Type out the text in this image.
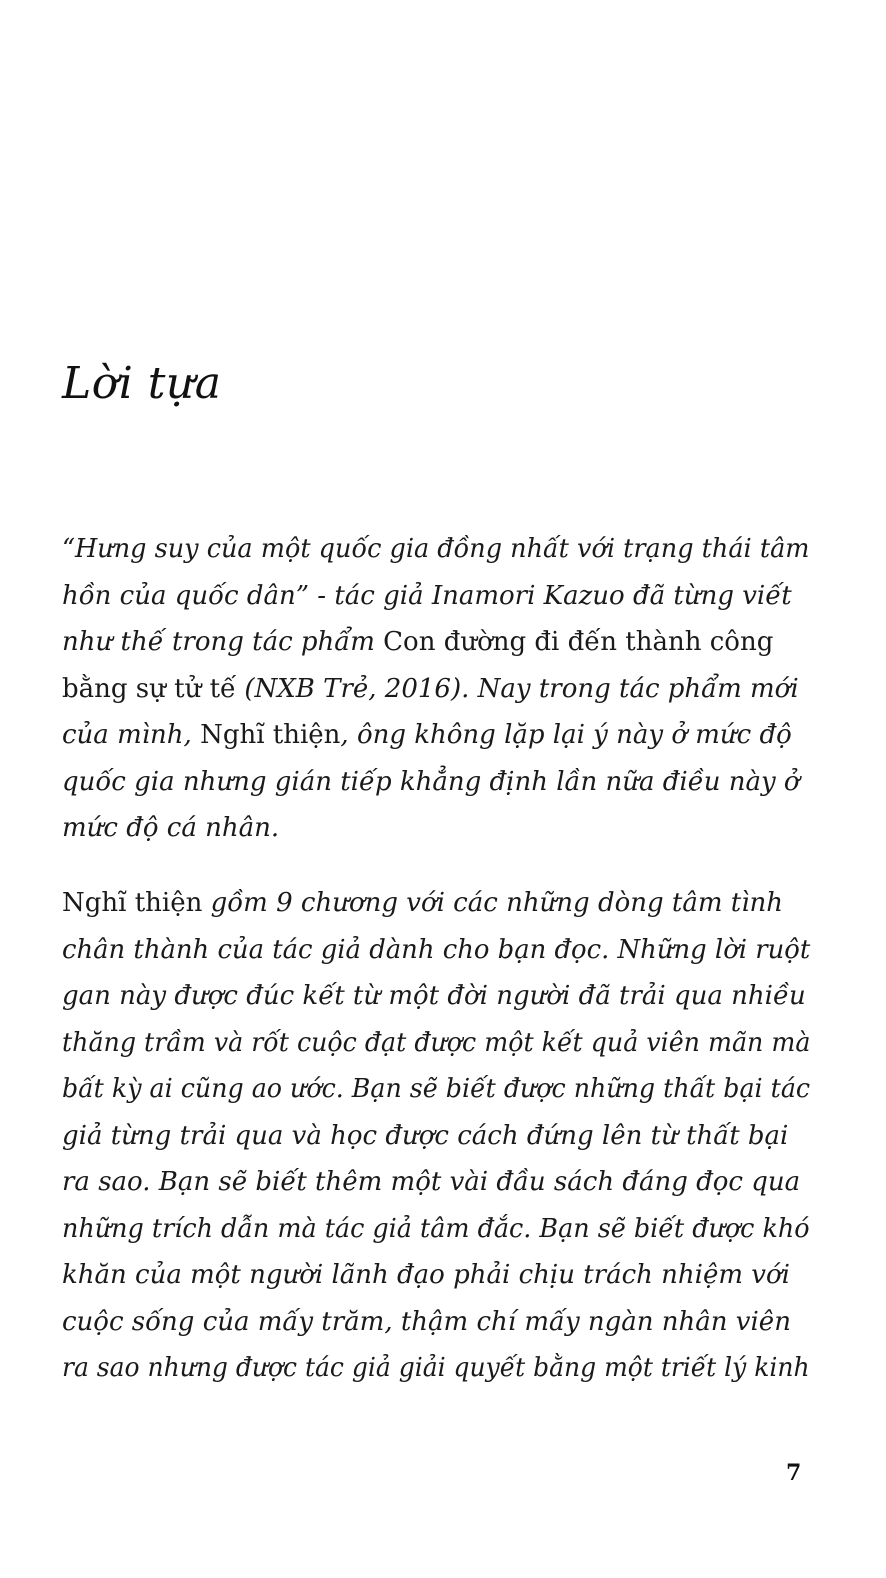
Lời tựa

“Hưng suy của một quốc gia đồng nhất với trạng thái tâm
hồn của quốc dân” - tác giả Inamori Kazuo đã từng viết
như thế trong tác phẩm Con đường đi đến thành công
bằng sự tử tế (NXB Trẻ, 2016). Nay trong tác phẩm mới
của mình, Nghĩ thiện, ông không lặp lại ý này ở mức độ
quốc gia nhưng gián tiếp khẳng định lần nữa điều này ở
mức độ cá nhân.

Nghĩ thiện gồm 9 chương với các những dòng tâm tình
chân thành của tác giả dành cho bạn đọc. Những lời ruột
gan này được đúc kết từ một đời người đã trải qua nhiều
thăng trầm và rốt cuộc đạt được một kết quả viên mãn mà
bất kỳ ai cũng ao ước. Bạn sẽ biết được những thất bại tác
giả từng trải qua và học được cách đứng lên từ thất bại
ra sao. Bạn sẽ biết thêm một vài đầu sách đáng đọc qua
những trích dẫn mà tác giả tâm đắc. Bạn sẽ biết được khó
khăn của một người lãnh đạo phải chịu trách nhiệm với
cuộc sống của mấy trăm, thậm chí mấy ngàn nhân viên
ra sao nhưng được tác giả giải quyết bằng một triết lý kinh

7
